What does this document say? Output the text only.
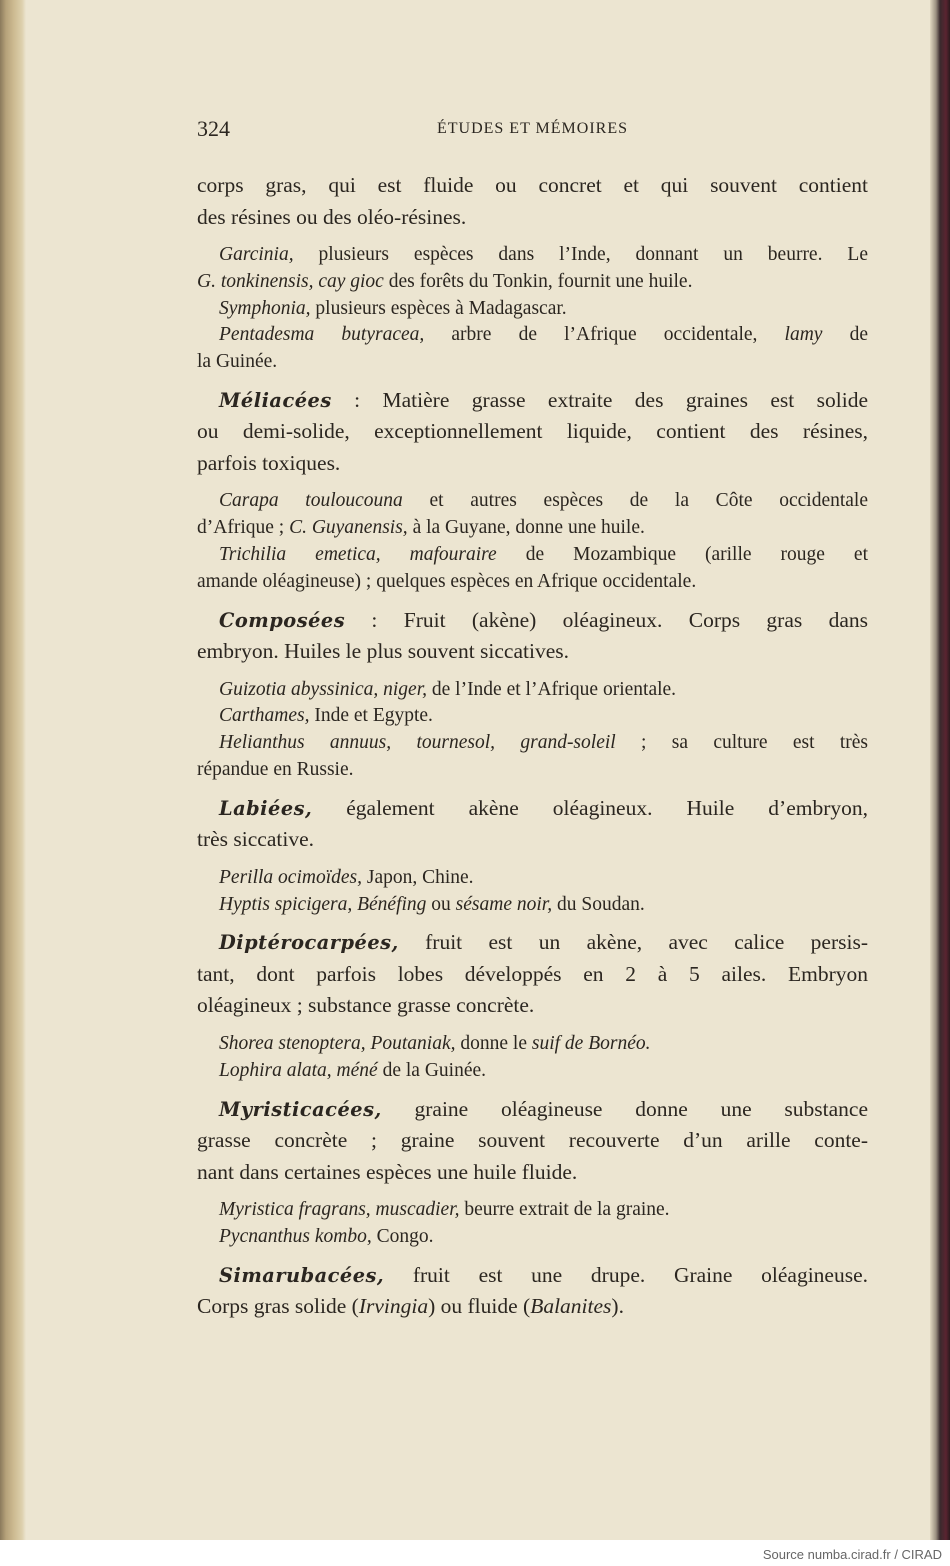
324	ÉTUDES ET MÉMOIRES
corps gras, qui est fluide ou concret et qui souvent contient
des résines ou des oléo-résines.
Garcinia, plusieurs espèces dans l’Inde, donnant un beurre. Le
G. tonkinensis, cay gioc des forêts du Tonkin, fournit une huile.
Symphonia, plusieurs espèces à Madagascar.
Pentadesma butyracea, arbre de l’Afrique occidentale, lamy de
la Guinée.
Méliacées : Matière grasse extraite des graines est solide
ou demi-solide, exceptionnellement liquide, contient des résines,
parfois toxiques.
Carapa touloucouna et autres espèces de la Côte occidentale
d’Afrique ; C. Guyanensis, à la Guyane, donne une huile.
Trichilia emetica, mafouraire de Mozambique (arille rouge et
amande oléagineuse) ; quelques espèces en Afrique occidentale.
Composées : Fruit (akène) oléagineux. Corps gras dans
embryon. Huiles le plus souvent siccatives.
Guizotia abyssinica, niger, de l’Inde et l’Afrique orientale.
Carthames, Inde et Egypte.
Helianthus annuus, tournesol, grand-soleil ; sa culture est très
répandue en Russie.
Labiées, également akène oléagineux. Huile d’embryon,
très siccative.
Perilla ocimoïdes, Japon, Chine.
Hyptis spicigera, Bénéfing ou sésame noir, du Soudan.
Diptérocarpées, fruit est un akène, avec calice persis-
tant, dont parfois lobes développés en 2 à 5 ailes. Embryon
oléagineux ; substance grasse concrète.
Shorea stenoptera, Poutaniak, donne le suif de Bornéo.
Lophira alata, méné de la Guinée.
Myristicacées, graine oléagineuse donne une substance
grasse concrète ; graine souvent recouverte d’un arille conte-
nant dans certaines espèces une huile fluide.
Myristica fragrans, muscadier, beurre extrait de la graine.
Pycnanthus kombo, Congo.
Simarubacées, fruit est une drupe. Graine oléagineuse.
Corps gras solide (Irvingia) ou fluide (Balanites).
Source numba.cirad.fr / CIRAD
